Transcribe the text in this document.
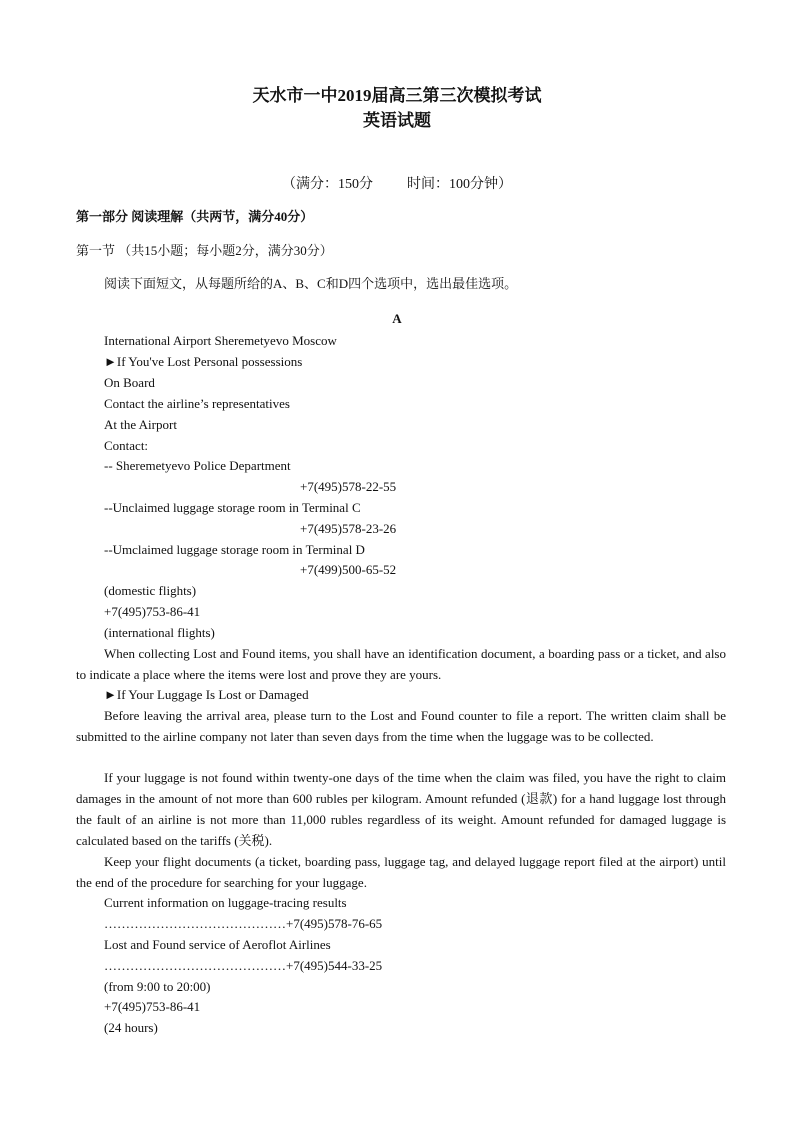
天水市一中2019届高三第三次模拟考试
英语试题
（满分：150分 时间：100分钟）
第一部分 阅读理解（共两节，满分40分）
第一节 （共15小题；每小题2分，满分30分）
阅读下面短文，从每题所给的A、B、C和D四个选项中，选出最佳选项。
A
International Airport Sheremetyevo Moscow
►If You've Lost Personal possessions
On Board
Contact the airline’s representatives
At the Airport
Contact:
-- Sheremetyevo Police Department
+7(495)578-22-55
--Unclaimed luggage storage room in Terminal C
+7(495)578-23-26
--Umclaimed luggage storage room in Terminal D
+7(499)500-65-52
(domestic flights)
+7(495)753-86-41
(international flights)
When collecting Lost and Found items, you shall have an identification document, a boarding pass or a ticket, and also to indicate a place where the items were lost and prove they are yours.
►If Your Luggage Is Lost or Damaged
Before leaving the arrival area, please turn to the Lost and Found counter to file a report. The written claim shall be submitted to the airline company not later than seven days from the time when the luggage was to be collected.
If your luggage is not found within twenty-one days of the time when the claim was filed, you have the right to claim damages in the amount of not more than 600 rubles per kilogram. Amount refunded (退款) for a hand luggage lost through the fault of an airline is not more than 11,000 rubles regardless of its weight. Amount refunded for damaged luggage is calculated based on the tariffs (关税).
Keep your flight documents (a ticket, boarding pass, luggage tag, and delayed luggage report filed at the airport) until the end of the procedure for searching for your luggage.
Current information on luggage-tracing results
……………………………………+7(495)578-76-65
Lost and Found service of Aeroflot Airlines
……………………………………+7(495)544-33-25
(from 9:00 to 20:00)
+7(495)753-86-41
(24 hours)
